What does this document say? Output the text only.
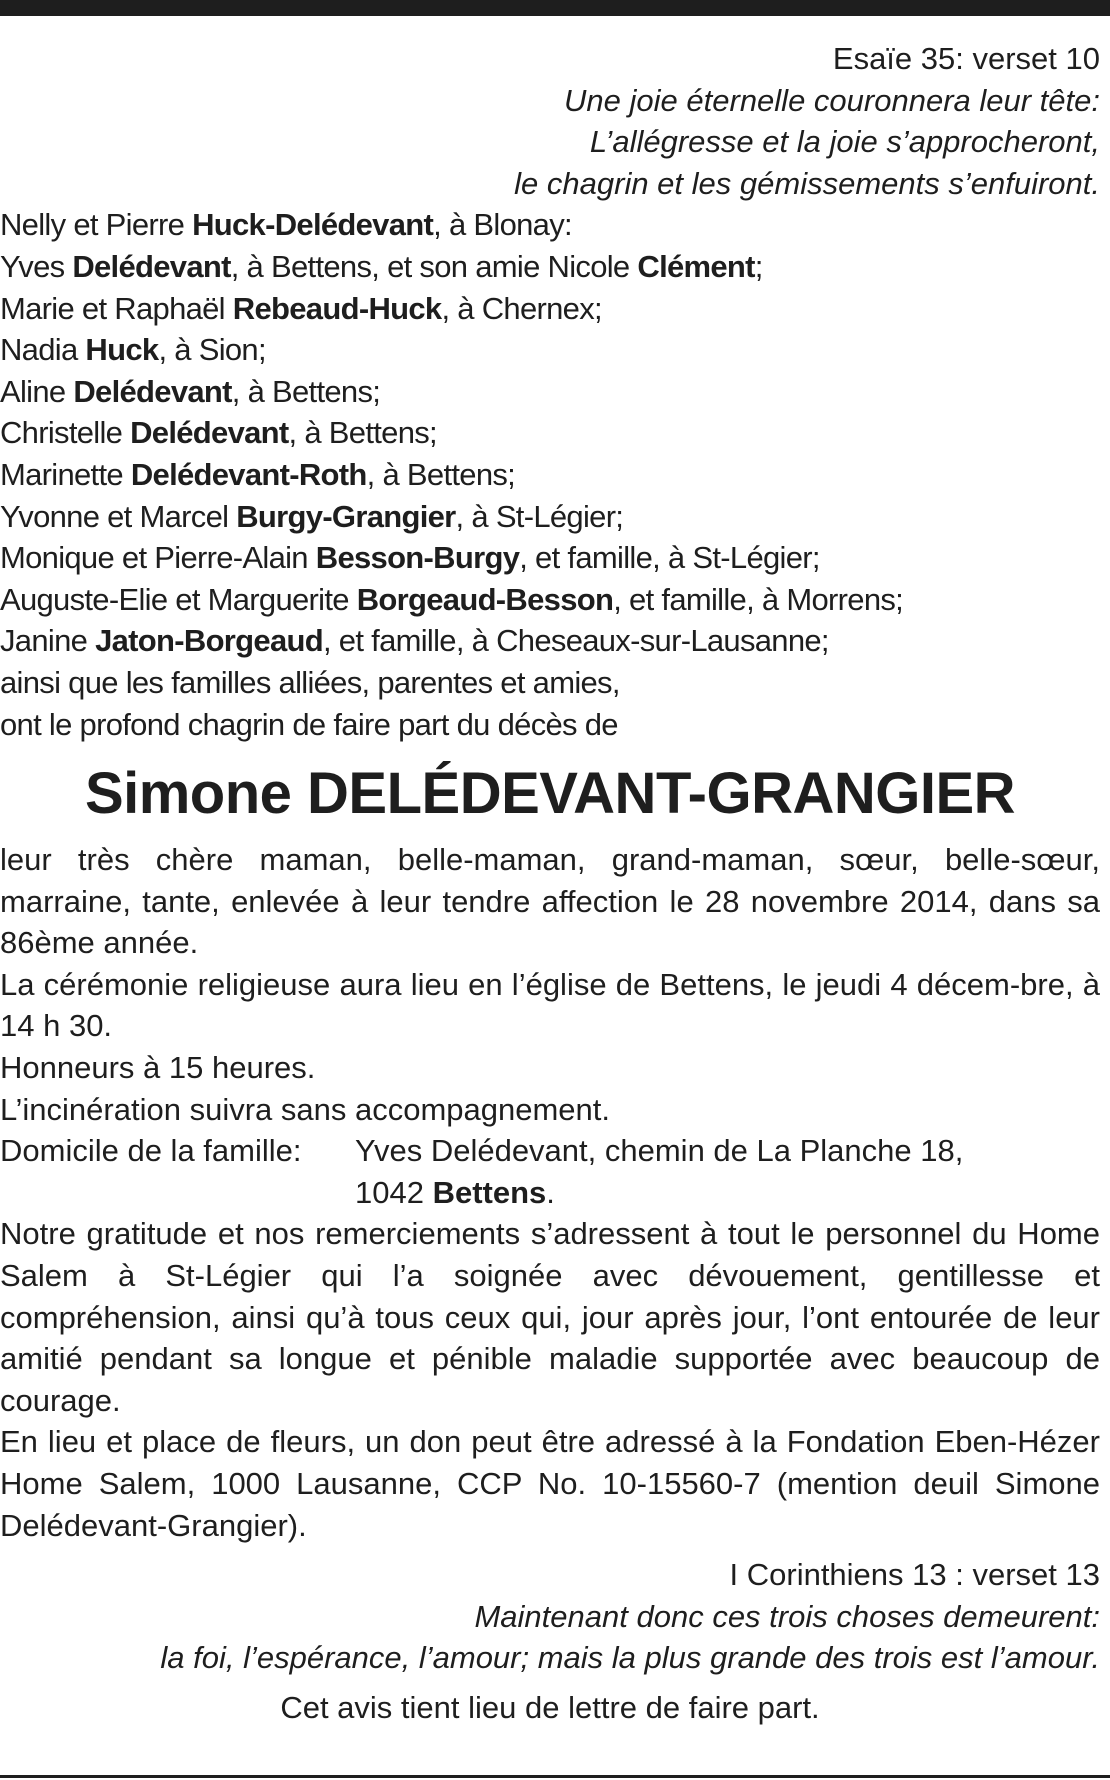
Esaïe 35: verset 10
Une joie éternelle couronnera leur tête:
L’allégresse et la joie s’approcheront,
le chagrin et les gémissements s’enfuiront.
Nelly et Pierre Huck-Delédevant, à Blonay:
Yves Delédevant, à Bettens, et son amie Nicole Clément;
Marie et Raphaël Rebeaud-Huck, à Chernex;
Nadia Huck, à Sion;
Aline Delédevant, à Bettens;
Christelle Delédevant, à Bettens;
Marinette Delédevant-Roth, à Bettens;
Yvonne et Marcel Burgy-Grangier, à St-Légier;
Monique et Pierre-Alain Besson-Burgy, et famille, à St-Légier;
Auguste-Elie et Marguerite Borgeaud-Besson, et famille, à Morrens;
Janine Jaton-Borgeaud, et famille, à Cheseaux-sur-Lausanne;
ainsi que les familles alliées, parentes et amies,
ont le profond chagrin de faire part du décès de
Simone DELÉDEVANT-GRANGIER
leur très chère maman, belle-maman, grand-maman, sœur, belle-sœur, marraine, tante, enlevée à leur tendre affection le 28 novembre 2014, dans sa 86ème année.
La cérémonie religieuse aura lieu en l’église de Bettens, le jeudi 4 décem-bre, à 14 h 30.
Honneurs à 15 heures.
L’incinération suivra sans accompagnement.
Domicile de la famille:	Yves Delédevant, chemin de La Planche 18,
1042 Bettens.
Notre gratitude et nos remerciements s’adressent à tout le personnel du Home Salem à St-Légier qui l’a soignée avec dévouement, gentillesse et compréhension, ainsi qu’à tous ceux qui, jour après jour, l’ont entourée de leur amitié pendant sa longue et pénible maladie supportée avec beaucoup de courage.
En lieu et place de fleurs, un don peut être adressé à la Fondation Eben-Hézer Home Salem, 1000 Lausanne, CCP No. 10-15560-7 (mention deuil Simone Delédevant-Grangier).
I Corinthiens 13 : verset 13
Maintenant donc ces trois choses demeurent:
la foi, l’espérance, l’amour; mais la plus grande des trois est l’amour.
Cet avis tient lieu de lettre de faire part.
